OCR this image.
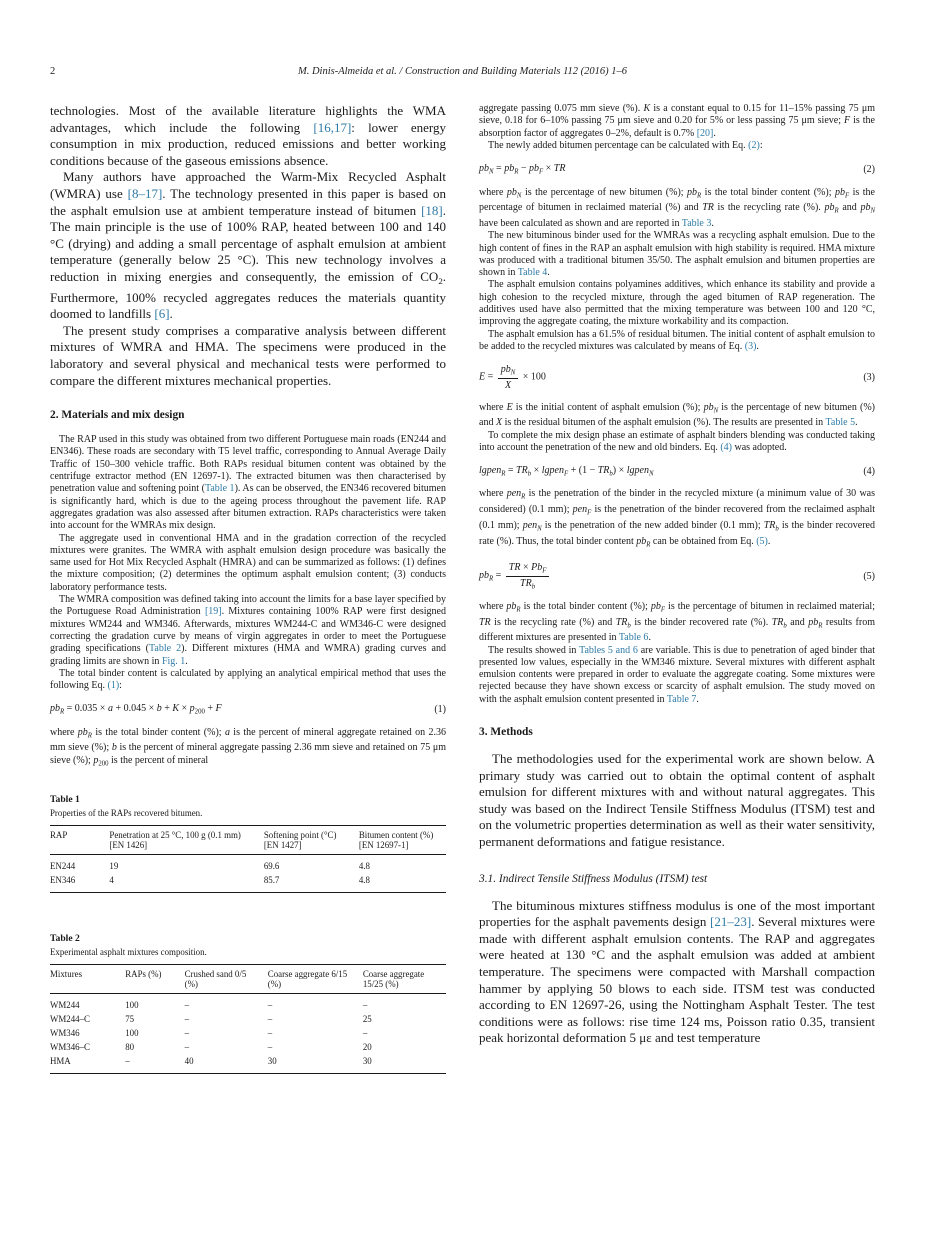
2	M. Dinis-Almeida et al. / Construction and Building Materials 112 (2016) 1–6

technologies. Most of the available literature highlights the WMA advantages, which include the following [16,17]: lower energy consumption in mix production, reduced emissions and better working conditions because of the gaseous emissions absence.

Many authors have approached the Warm-Mix Recycled Asphalt (WMRA) use [8–17]. The technology presented in this paper is based on the asphalt emulsion use at ambient temperature instead of bitumen [18]. The main principle is the use of 100% RAP, heated between 100 and 140 °C (drying) and adding a small percentage of asphalt emulsion at ambient temperature (generally below 25 °C). This new technology involves a reduction in mixing energies and consequently, the emission of $CO_2$. Furthermore, 100% recycled aggregates reduces the materials quantity doomed to landfills [6].

The present study comprises a comparative analysis between different mixtures of WMRA and HMA. The specimens were produced in the laboratory and several physical and mechanical tests were performed to compare the different mixtures mechanical properties.

2. Materials and mix design

The RAP used in this study was obtained from two different Portuguese main roads (EN244 and EN346). These roads are secondary with T5 level traffic, corresponding to Annual Average Daily Traffic of 150–300 vehicle traffic. Both RAPs residual bitumen content was obtained by the centrifuge extractor method (EN 12697-1). The extracted bitumen was then characterised by penetration value and softening point (Table 1). As can be observed, the EN346 recovered bitumen is significantly hard, which is due to the ageing process throughout the pavement life. RAP aggregates gradation was also assessed after bitumen extraction. RAPs characteristics were taken into account for the WMRAs mix design.

The aggregate used in conventional HMA and in the gradation correction of the recycled mixtures were granites. The WMRA with asphalt emulsion design procedure was basically the same used for Hot Mix Recycled Asphalt (HMRA) and can be summarized as follows: (1) defines the mixture composition; (2) determines the optimum asphalt emulsion content; (3) conducts laboratory performance tests.

The WMRA composition was defined taking into account the limits for a base layer specified by the Portuguese Road Administration [19]. Mixtures containing 100% RAP were first designed mixtures WM244 and WM346. Afterwards, mixtures WM244-C and WM346-C were designed correcting the gradation curve by means of virgin aggregates in order to meet the Portuguese grading specifications (Table 2). Different mixtures (HMA and WMRA) grading curves and grading limits are shown in Fig. 1.

The total binder content is calculated by applying an analytical empirical method that uses the following Eq. (1):

$pb_R = 0.035 \times a + 0.045 \times b + K \times p_{200} + F$	(1)

where $pb_R$ is the total binder content (%); a is the percent of mineral aggregate retained on 2.36 mm sieve (%); b is the percent of mineral aggregate passing 2.36 mm sieve and retained on 75 μm sieve (%); $p_{200}$ is the percent of mineral

Table 1
Properties of the RAPs recovered bitumen.
RAP	Penetration at 25 °C, 100 g (0.1 mm) [EN 1426]	Softening point (°C) [EN 1427]	Bitumen content (%) [EN 12697-1]
EN244	19	69.6	4.8
EN346	4	85.7	4.8
Table 2
Experimental asphalt mixtures composition.
Mixtures	RAPs (%)	Crushed sand 0/5 (%)	Coarse aggregate 6/15 (%)	Coarse aggregate 15/25 (%)
WM244	100	–	–	–
WM244–C	75	–	–	25
WM346	100	–	–	–
WM346–C	80	–	–	20
HMA	–	40	30	30

aggregate passing 0.075 mm sieve (%). K is a constant equal to 0.15 for 11–15% passing 75 μm sieve, 0.18 for 6–10% passing 75 μm sieve and 0.20 for 5% or less passing 75 μm sieve; F is the absorption factor of aggregates 0–2%, default is 0.7% [20].

The newly added bitumen percentage can be calculated with Eq. (2):

$pb_N = pb_R - pb_F$ × TR	(2)

where $pb_N$ is the percentage of new bitumen (%); $pb_R$ is the total binder content (%); $pb_F$ is the percentage of bitumen in reclaimed material (%) and TR is the recycling rate (%). $pb_R$ and $pb_N$ have been calculated as shown and are reported in Table 3.

The new bituminous binder used for the WMRAs was a recycling asphalt emulsion. Due to the high content of fines in the RAP an asphalt emulsion with high stability is required. HMA mixture was produced with a traditional bitumen 35/50. The asphalt emulsion and bitumen properties are shown in Table 4.

The asphalt emulsion contains polyamines additives, which enhance its stability and provide a high cohesion to the recycled mixture, through the aged bitumen of RAP regeneration. The additives used have also permitted that the mixing temperature was between 100 and 120 °C, improving the aggregate coating, the mixture workability and its compaction.

The asphalt emulsion has a 61.5% of residual bitumen. The initial content of asphalt emulsion to be added to the recycled mixtures was calculated by means of Eq. (3).

$E = \frac{pb_N}{X} \times 100$	(3)

where E is the initial content of asphalt emulsion (%); $pb_N$ is the percentage of new bitumen (%) and X is the residual bitumen of the asphalt emulsion (%). The results are presented in Table 5.

To complete the mix design phase an estimate of asphalt binders blending was conducted taking into account the penetration of the new and old binders. Eq. (4) was adopted.

lgpen$_R$ = $TR_b$ × lgpen$_F$ + $(1 - TR_b)$ × lgpen$_N$	(4)

where pen$_R$ is the penetration of the binder in the recycled mixture (a minimum value of 30 was considered) (0.1 mm); pen$_F$ is the penetration of the binder recovered from the reclaimed asphalt (0.1 mm); pen$_N$ is the penetration of the new added binder (0.1 mm); $TR_b$ is the binder recovered rate (%). Thus, the total binder content $pb_R$ can be obtained from Eq. (5).

$pb_R = \frac{TR \times Pb_F}{TR_b}$	(5)

where $pb_R$ is the total binder content (%); $pb_F$ is the percentage of bitumen in reclaimed material; TR is the recycling rate (%) and $TR_b$ is the binder recovered rate (%). $TR_b$ and $pb_R$ results from different mixtures are presented in Table 6.

The results showed in Tables 5 and 6 are variable. This is due to penetration of aged binder that presented low values, especially in the WM346 mixture. Several mixtures with different asphalt emulsion contents were prepared in order to evaluate the aggregate coating. Some mixtures were rejected because they have shown excess or scarcity of asphalt emulsion. The study moved on with the asphalt emulsion content presented in Table 7.

3. Methods

The methodologies used for the experimental work are shown below. A primary study was carried out to obtain the optimal content of asphalt emulsion for different mixtures with and without natural aggregates. This study was based on the Indirect Tensile Stiffness Modulus (ITSM) test and on the volumetric properties determination as well as their water sensitivity, permanent deformations and fatigue resistance.

3.1. Indirect Tensile Stiffness Modulus (ITSM) test

The bituminous mixtures stiffness modulus is one of the most important properties for the asphalt pavements design [21–23]. Several mixtures were made with different asphalt emulsion contents. The RAP and aggregates were heated at 130 °C and the asphalt emulsion was added at ambient temperature. The specimens were compacted with Marshall compaction hammer by applying 50 blows to each side. ITSM test was conducted according to EN 12697-26, using the Nottingham Asphalt Tester. The test conditions were as follows: rise time 124 ms, Poisson ratio 0.35, transient peak horizontal deformation 5 με and test temperature
